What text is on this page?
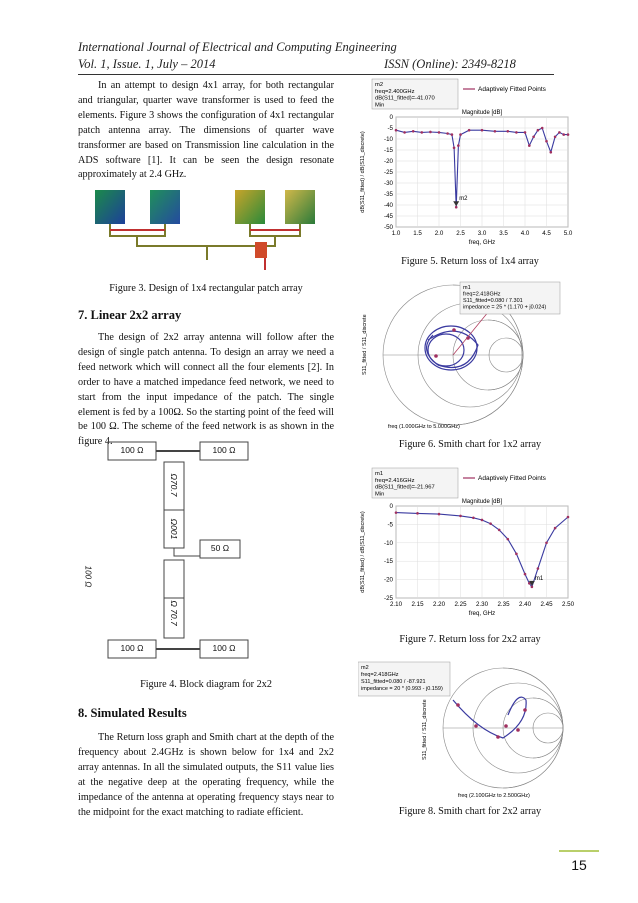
International Journal of Electrical and Computing Engineering
Vol. 1, Issue. 1, July – 2014	ISSN (Online): 2349-8218

In an attempt to design 4x1 array, for both rectangular and triangular, quarter wave transformer is used to feed the elements. Figure 3 shows the configuration of 4x1 rectangular patch antenna array. The dimensions of quarter wave transformer are based on Transmission line calculation in the ADS software [1]. It can be seen the design resonate approximately at 2.4 GHz.

Figure 3. Design of 1x4 rectangular patch array
7. Linear 2x2 array

The design of 2x2 array antenna will follow after the design of single patch antenna. To design an array we need a feed network which will connect all the four elements [2]. In order to have a matched impedance feed network, we need to start from the input impedance of the patch. The single element is fed by a 100Ω. So the starting point of the feed will be 100 Ω. The scheme of the feed network is as shown in the figure 4.

100 Ω	100 Ω
Ω70.7
Ω001
50 Ω
100 Ω
Ω 70.7
100 Ω	100 Ω
Figure 4. Block diagram for 2x2
8. Simulated Results

The Return loss graph and Smith chart at the depth of the frequency about 2.4GHz is shown below for 1x4 and 2x2 array antennas. In all the simulated outputs, the S11 value lies at the negative deep at the operating frequency, while the impedance of the antenna at operating frequency stays near to the midpoint for the exact matching to radiate efficient.

m2
freq=2.400GHz
dB(S11_fitted)=-41.070
Min
Adaptively Fitted Points
Magnitude [dB]
1.0 1.5 2.0 2.5 3.0 3.5 4.0 4.5 5.0
0
-5
-10
-15
-20
-25
-30
-35
-40
-45
-50
freq, GHz
dB(S11_fitted) / dB(S11_discrete)	m2
Figure 5. Return loss of 1x4 array
m1
freq=2.418GHz
S11_fitted=0.080 / 7.301
impedance = 25 * (1.170 + j0.024)
S11_fitted / S11_discrete
freq (1.000GHz to 5.000GHz)
Figure 6. Smith chart for 1x2 array
m1
freq=2.416GHz
dB(S11_fitted)=-21.967
Min
Adaptively Fitted Points
Magnitude [dB]
2.10 2.15 2.20 2.25 2.30 2.35 2.40 2.45 2.50
0
-5
-10
-15
-20
-25
freq, GHz
dB(S11_fitted) / dB(S11_discrete)	m1
Figure 7. Return loss for 2x2 array
m2
freq=2.418GHz
S11_fitted=0.080 / -87.921
impedance = 20 * (0.993 - j0.159)
S11_fitted / S11_discrete
freq (2.100GHz to 2.500GHz)
Figure 8. Smith chart for 2x2 array
15
